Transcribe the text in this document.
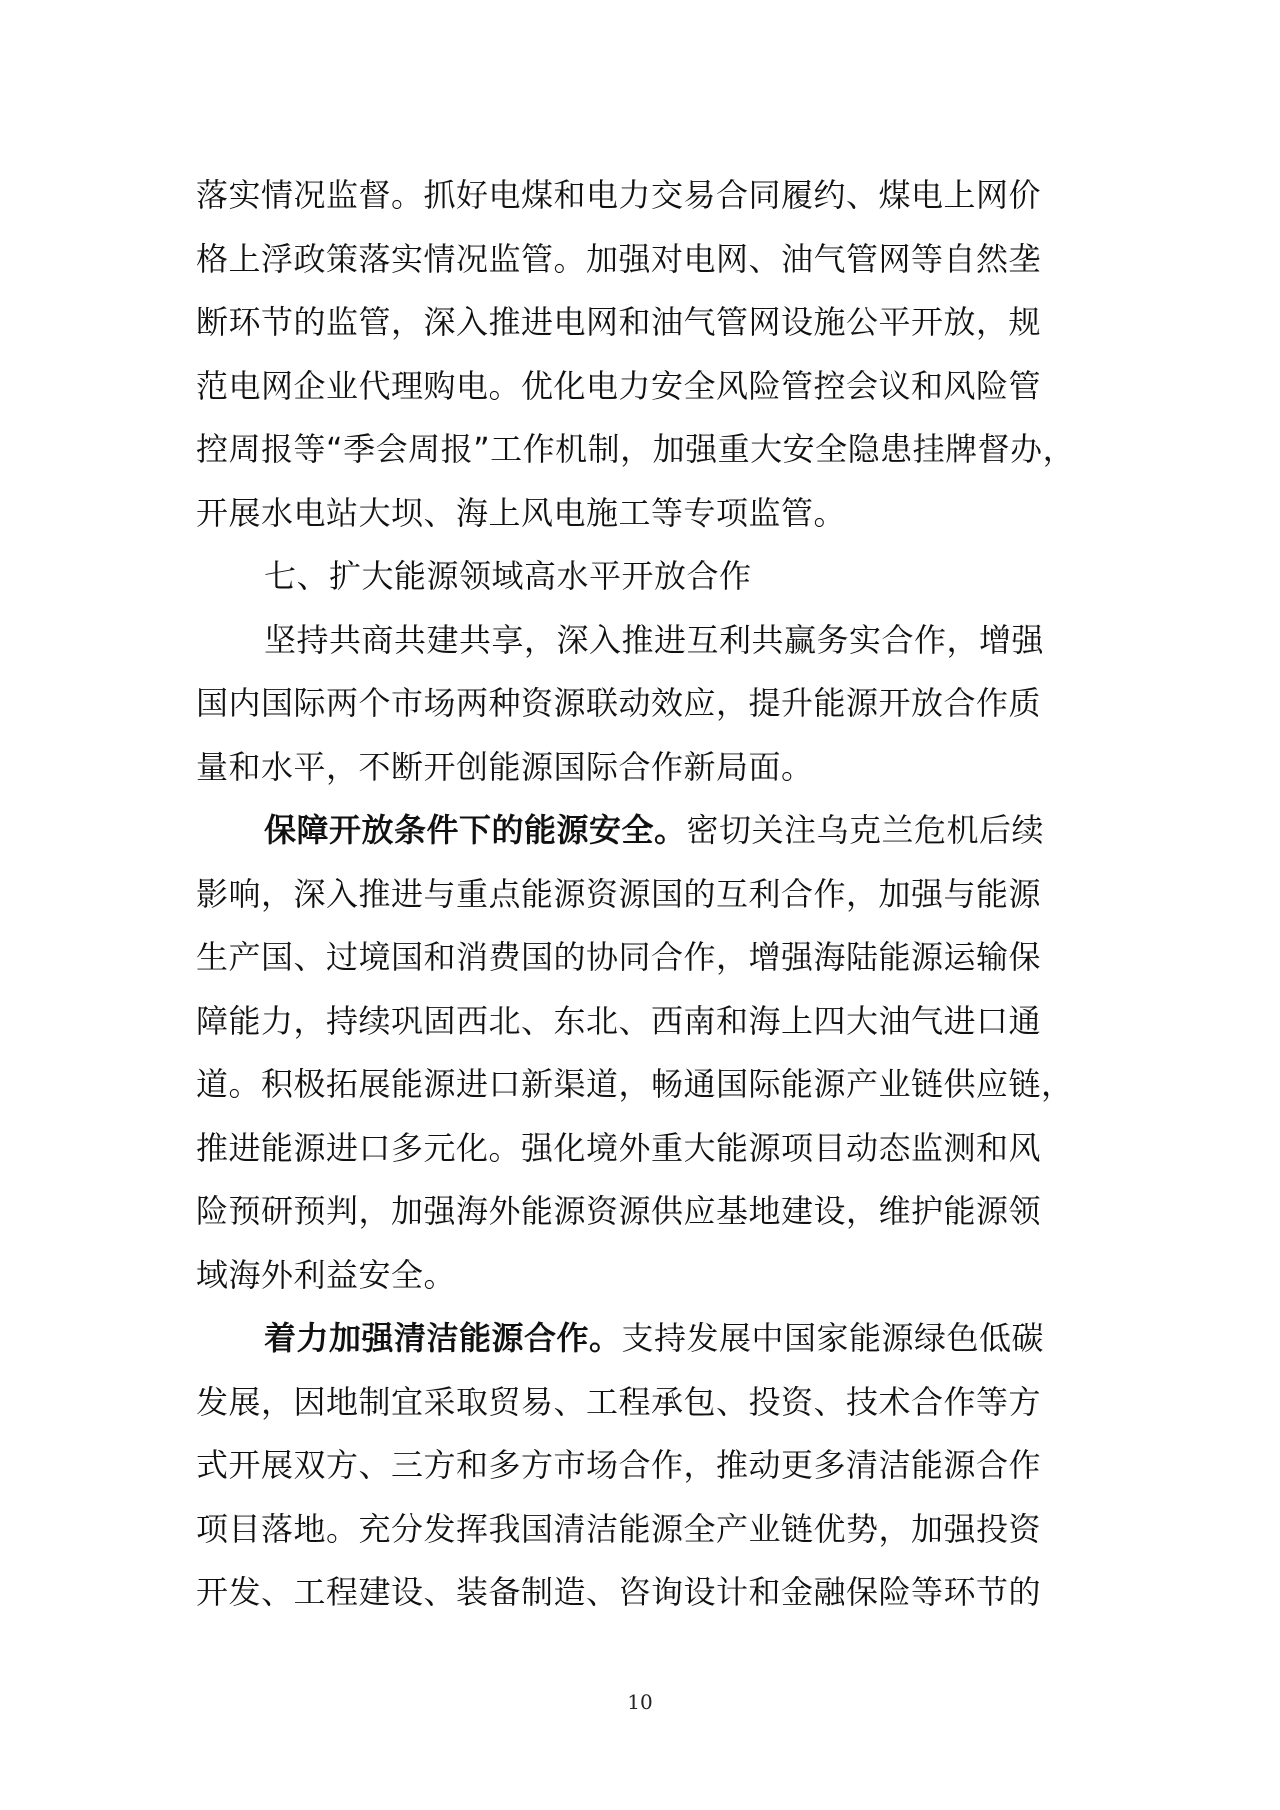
落实情况监督。抓好电煤和电力交易合同履约、煤电上网价
格上浮政策落实情况监管。加强对电网、油气管网等自然垄
断环节的监管，深入推进电网和油气管网设施公平开放，规
范电网企业代理购电。优化电力安全风险管控会议和风险管
控周报等“季会周报”工作机制，加强重大安全隐患挂牌督办，
开展水电站大坝、海上风电施工等专项监管。
七、扩大能源领域高水平开放合作
坚持共商共建共享，深入推进互利共赢务实合作，增强
国内国际两个市场两种资源联动效应，提升能源开放合作质
量和水平，不断开创能源国际合作新局面。
保障开放条件下的能源安全。密切关注乌克兰危机后续
影响，深入推进与重点能源资源国的互利合作，加强与能源
生产国、过境国和消费国的协同合作，增强海陆能源运输保
障能力，持续巩固西北、东北、西南和海上四大油气进口通
道。积极拓展能源进口新渠道，畅通国际能源产业链供应链，
推进能源进口多元化。强化境外重大能源项目动态监测和风
险预研预判，加强海外能源资源供应基地建设，维护能源领
域海外利益安全。
着力加强清洁能源合作。支持发展中国家能源绿色低碳
发展，因地制宜采取贸易、工程承包、投资、技术合作等方
式开展双方、三方和多方市场合作，推动更多清洁能源合作
项目落地。充分发挥我国清洁能源全产业链优势，加强投资
开发、工程建设、装备制造、咨询设计和金融保险等环节的
10
